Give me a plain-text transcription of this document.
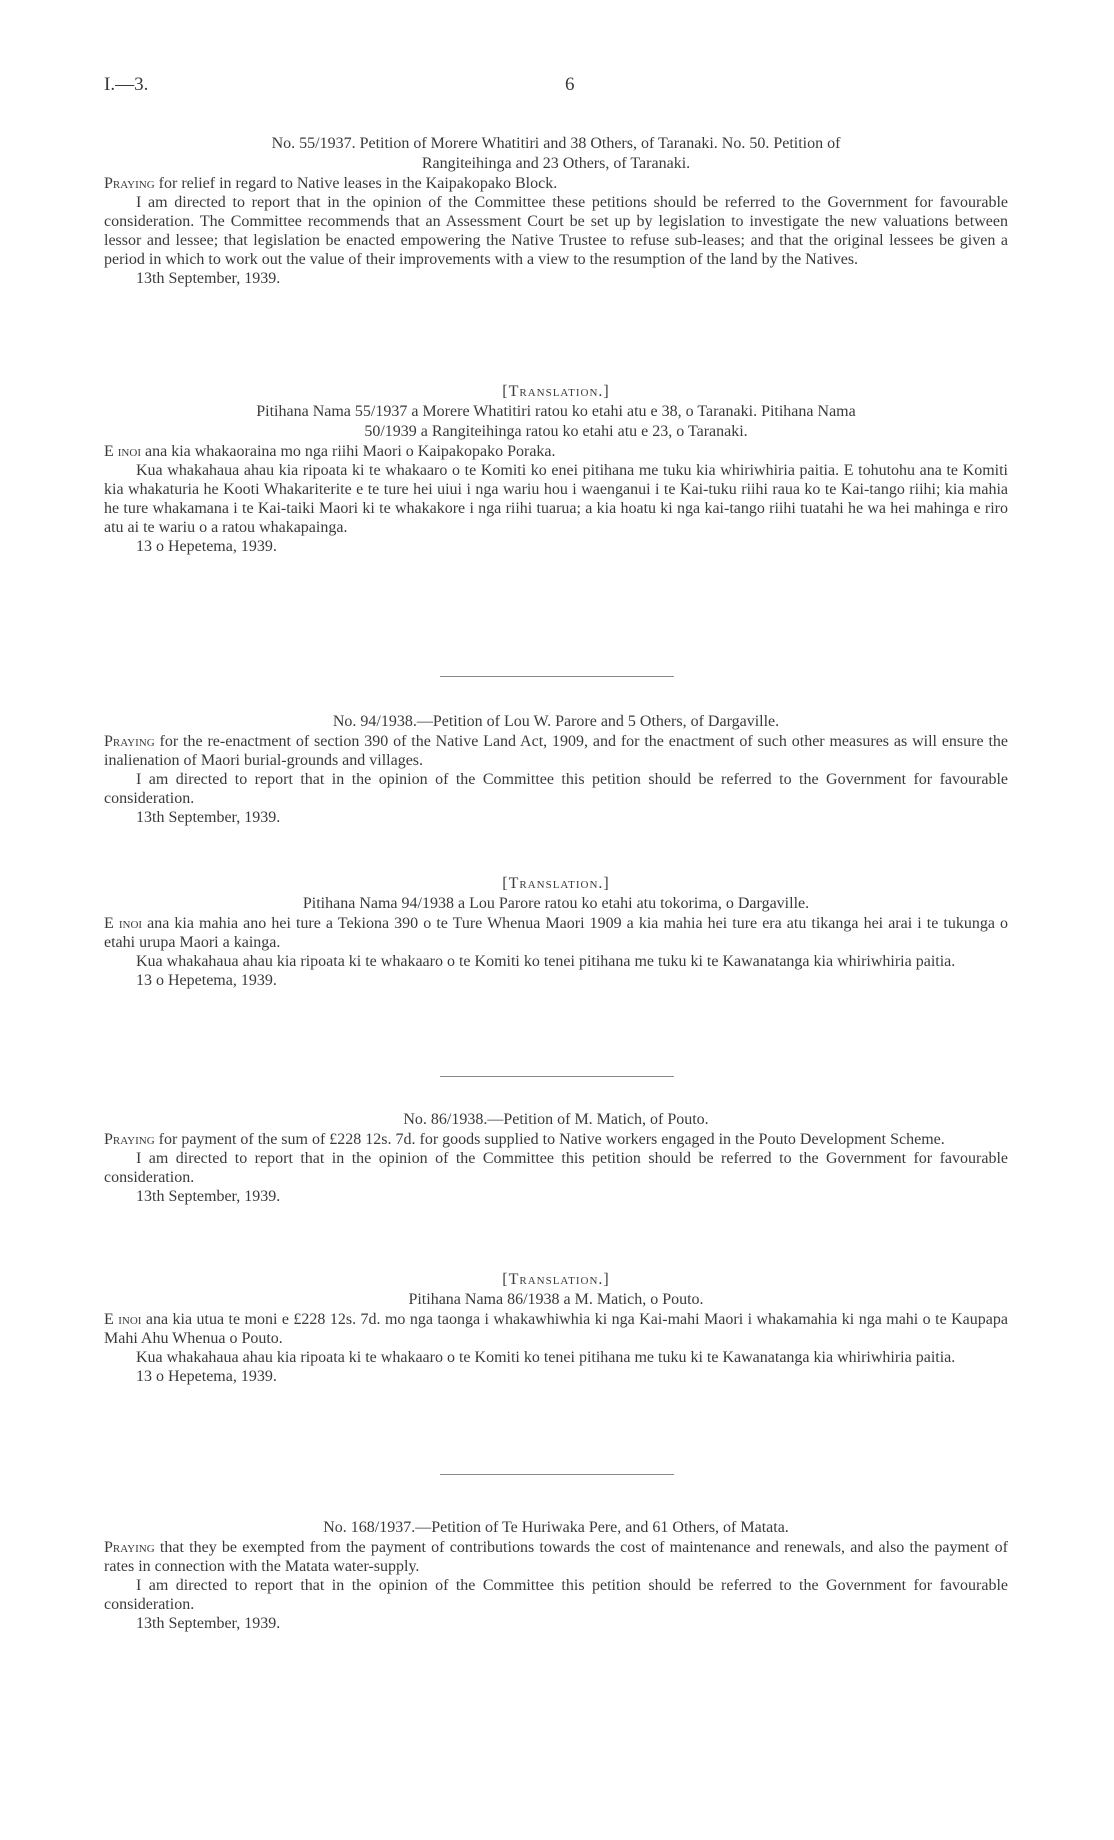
I.—3.	6

No. 55/1937. Petition of Morere Whatitiri and 38 Others, of Taranaki. No. 50. Petition of

Rangiteihinga and 23 Others, of Taranaki.

Praying for relief in regard to Native leases in the Kaipakopako Block.

I am directed to report that in the opinion of the Committee these petitions should be referred to the Government for favourable consideration. The Committee recommends that an Assessment Court be set up by legislation to investigate the new valuations between lessor and lessee; that legislation be enacted empowering the Native Trustee to refuse sub-leases; and that the original lessees be given a period in which to work out the value of their improvements with a view to the resumption of the land by the Natives.

13th September, 1939.

[Translation.]

Pitihana Nama 55/1937 a Morere Whatitiri ratou ko etahi atu e 38, o Taranaki. Pitihana Nama

50/1939 a Rangiteihinga ratou ko etahi atu e 23, o Taranaki.

E inoi ana kia whakaoraina mo nga riihi Maori o Kaipakopako Poraka.

Kua whakahaua ahau kia ripoata ki te whakaaro o te Komiti ko enei pitihana me tuku kia whiriwhiria paitia. E tohutohu ana te Komiti kia whakaturia he Kooti Whakariterite e te ture hei uiui i nga wariu hou i waenganui i te Kai-tuku riihi raua ko te Kai-tango riihi; kia mahia he ture whakamana i te Kai-taiki Maori ki te whakakore i nga riihi tuarua; a kia hoatu ki nga kai-tango riihi tuatahi he wa hei mahinga e riro atu ai te wariu o a ratou whakapainga.

13 o Hepetema, 1939.

No. 94/1938.—Petition of Lou W. Parore and 5 Others, of Dargaville.

Praying for the re-enactment of section 390 of the Native Land Act, 1909, and for the enactment of such other measures as will ensure the inalienation of Maori burial-grounds and villages.

I am directed to report that in the opinion of the Committee this petition should be referred to the Government for favourable consideration.

13th September, 1939.

[Translation.]

Pitihana Nama 94/1938 a Lou Parore ratou ko etahi atu tokorima, o Dargaville.

E inoi ana kia mahia ano hei ture a Tekiona 390 o te Ture Whenua Maori 1909 a kia mahia hei ture era atu tikanga hei arai i te tukunga o etahi urupa Maori a kainga.

Kua whakahaua ahau kia ripoata ki te whakaaro o te Komiti ko tenei pitihana me tuku ki te Kawanatanga kia whiriwhiria paitia.

13 o Hepetema, 1939.

No. 86/1938.—Petition of M. Matich, of Pouto.

Praying for payment of the sum of £228 12s. 7d. for goods supplied to Native workers engaged in the Pouto Development Scheme.

I am directed to report that in the opinion of the Committee this petition should be referred to the Government for favourable consideration.

13th September, 1939.

[Translation.]

Pitihana Nama 86/1938 a M. Matich, o Pouto.

E inoi ana kia utua te moni e £228 12s. 7d. mo nga taonga i whakawhiwhia ki nga Kai-mahi Maori i whakamahia ki nga mahi o te Kaupapa Mahi Ahu Whenua o Pouto.

Kua whakahaua ahau kia ripoata ki te whakaaro o te Komiti ko tenei pitihana me tuku ki te Kawanatanga kia whiriwhiria paitia.

13 o Hepetema, 1939.

No. 168/1937.—Petition of Te Huriwaka Pere, and 61 Others, of Matata.

Praying that they be exempted from the payment of contributions towards the cost of maintenance and renewals, and also the payment of rates in connection with the Matata water-supply.

I am directed to report that in the opinion of the Committee this petition should be referred to the Government for favourable consideration.

13th September, 1939.
